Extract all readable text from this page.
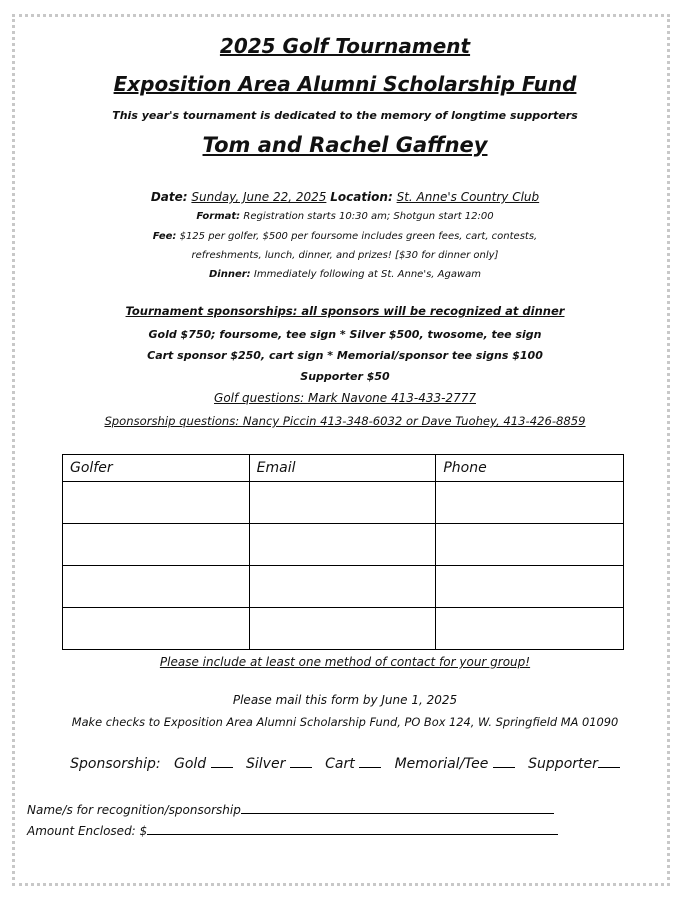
2025 Golf Tournament
Exposition Area Alumni Scholarship Fund
This year's tournament is dedicated to the memory of longtime supporters
Tom and Rachel Gaffney
Date: Sunday, June 22, 2025 Location: St. Anne's Country Club
Format: Registration starts 10:30 am; Shotgun start 12:00
Fee: $125 per golfer, $500 per foursome includes green fees, cart, contests,
refreshments, lunch, dinner, and prizes! [$30 for dinner only]
Dinner: Immediately following at St. Anne's, Agawam
Tournament sponsorships: all sponsors will be recognized at dinner
Gold $750; foursome, tee sign * Silver $500, twosome, tee sign
Cart sponsor $250, cart sign * Memorial/sponsor tee signs $100
Supporter $50
Golf questions: Mark Navone 413-433-2777
Sponsorship questions: Nancy Piccin 413-348-6032 or Dave Tuohey, 413-426-8859
Golfer	Email	Phone

Please include at least one method of contact for your group!
Please mail this form by June 1, 2025
Make checks to Exposition Area Alumni Scholarship Fund, PO Box 124, W. Springfield MA 01090
Sponsorship: Gold	Silver	Cart	Memorial/Tee	Supporter
Name/s for recognition/sponsorship
Amount Enclosed: $
